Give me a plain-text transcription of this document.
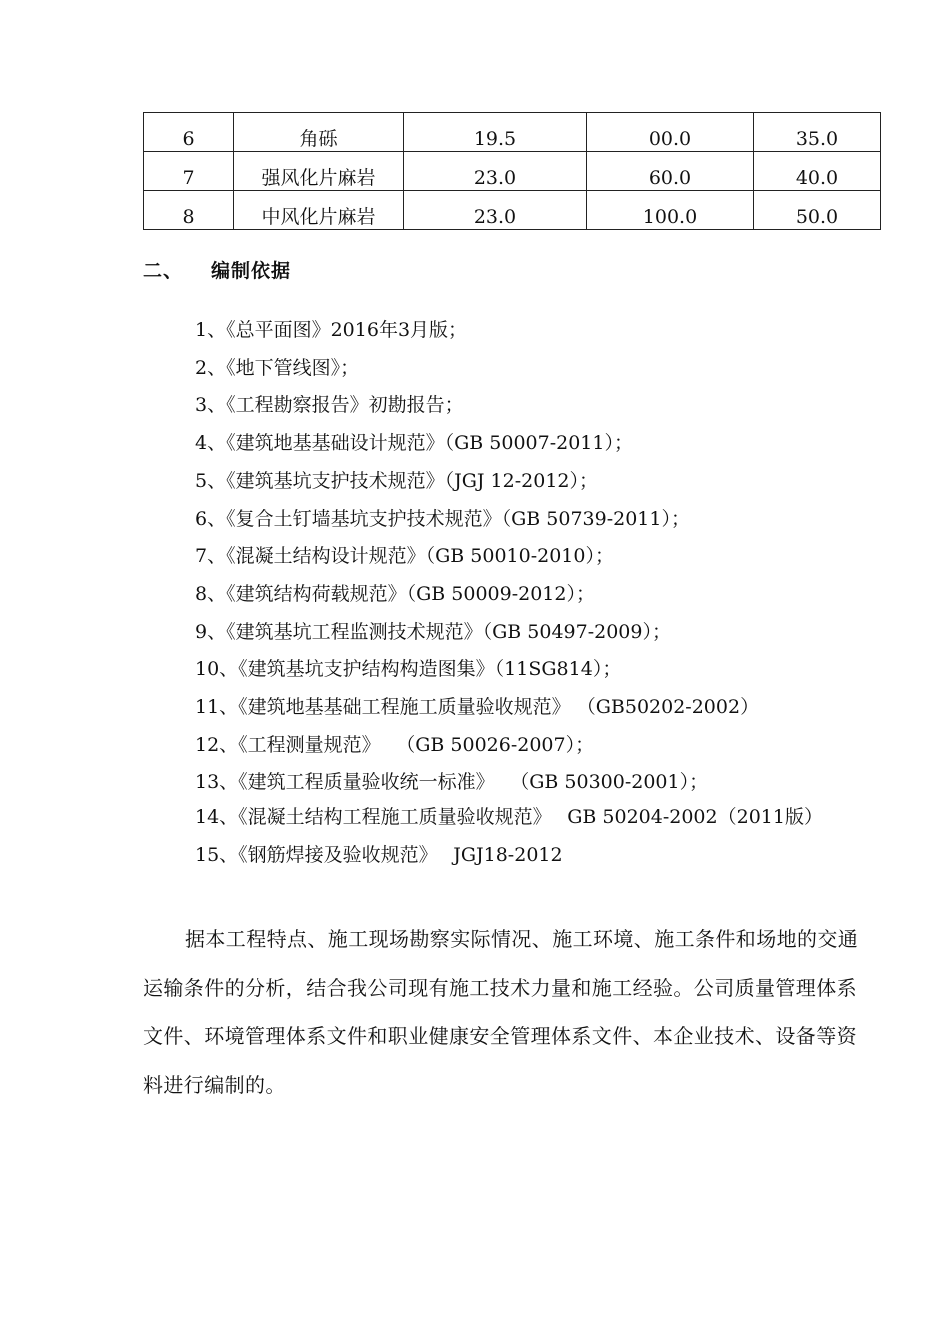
6	角砾	19.5	00.0	35.0
7	强风化片麻岩	23.0	60.0	40.0
8	中风化片麻岩	23.0	100.0	50.0
二、 编制依据
1、《总平面图》2016年3月版；
2、《地下管线图》；
3、《工程勘察报告》初勘报告；
4、《建筑地基基础设计规范》（GB 50007-2011）；
5、《建筑基坑支护技术规范》（JGJ 12-2012）；
6、《复合土钉墙基坑支护技术规范》（GB 50739-2011）；
7、《混凝土结构设计规范》（GB 50010-2010）；
8、《建筑结构荷载规范》（GB 50009-2012）；
9、《建筑基坑工程监测技术规范》（GB 50497-2009）；
10、《建筑基坑支护结构构造图集》（11SG814）；
11、《建筑地基基础工程施工质量验收规范》 （GB50202-2002）
12、《工程测量规范》　 （GB 50026-2007）；
13、《建筑工程质量验收统一标准》　 （GB 50300-2001）；
14、《混凝土结构工程施工质量验收规范》　 GB 50204-2002（2011版）
15、《钢筋焊接及验收规范》　 JGJ18-2012

据本工程特点、施工现场勘察实际情况、施工环境、施工条件和场地的交通运输条件的分析，结合我公司现有施工技术力量和施工经验。公司质量管理体系文件、环境管理体系文件和职业健康安全管理体系文件、本企业技术、设备等资料进行编制的。
